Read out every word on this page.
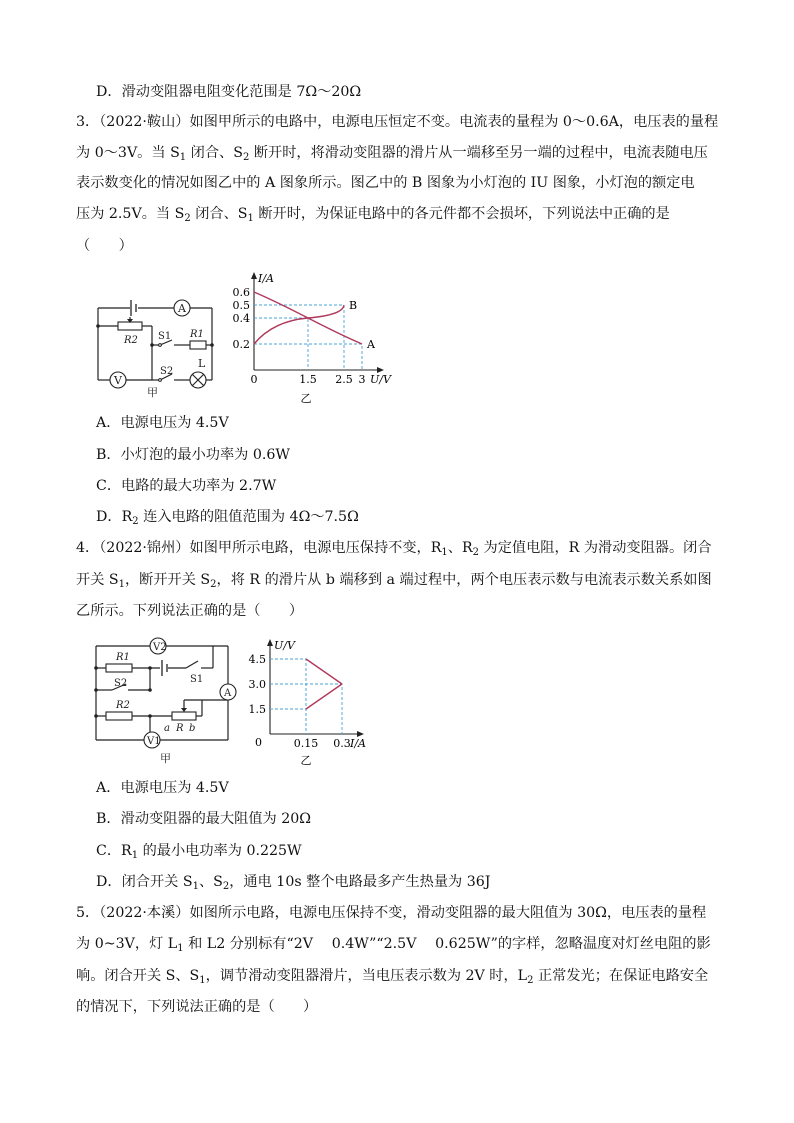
D．滑动变阻器电阻变化范围是 7Ω～20Ω
3．（2022·鞍山）如图甲所示的电路中，电源电压恒定不变。电流表的量程为 0～0.6A，电压表的量程
为 0～3V。当 $S_1$ 闭合、$S_2$ 断开时，将滑动变阻器的滑片从一端移至另一端的过程中，电流表随电压
表示数变化的情况如图乙中的 A 图象所示。图乙中的 B 图象为小灯泡的 IU 图象，小灯泡的额定电
压为 2.5V。当 $S_2$ 闭合、$S_1$ 断开时，为保证电路中的各元件都不会损坏，下列说法中正确的是
（　　）
A
V
S1 R1
R2
S2
L
甲
U/V
I/A
0	1.5 2.5 3
0.2
0.4
0.5
0.6
A
B
乙
A．电源电压为 4.5V
B．小灯泡的最小功率为 0.6W
C．电路的最大功率为 2.7W
D．$R_2$ 连入电路的阻值范围为 4Ω～7.5Ω
4．（2022·锦州）如图甲所示电路，电源电压保持不变，$R_1$、$R_2$ 为定值电阻，R 为滑动变阻器。闭合
开关 $S_1$，断开开关 $S_2$，将 R 的滑片从 b 端移到 a 端过程中，两个电压表示数与电流表示数关系如图
乙所示。下列说法正确的是（　　）
V2
A
V1
R1
S1
S2
R2
a R b
甲
I/A
U/V
0.15 0.3
4.5
3.0
1.5
0
乙
A．电源电压为 4.5V
B．滑动变阻器的最大阻值为 20Ω
C．$R_1$ 的最小电功率为 0.225W
D．闭合开关 $S_1$、$S_2$，通电 10s 整个电路最多产生热量为 36J
5．（2022·本溪）如图所示电路，电源电压保持不变，滑动变阻器的最大阻值为 30Ω，电压表的量程
为 0~3V，灯 $L_1$ 和 L2 分别标有“2V　 0.4W”“2.5V　 0.625W”的字样，忽略温度对灯丝电阻的影
响。闭合开关 S、$S_1$，调节滑动变阻器滑片，当电压表示数为 2V 时，$L_2$ 正常发光；在保证电路安全
的情况下，下列说法正确的是（　　）
